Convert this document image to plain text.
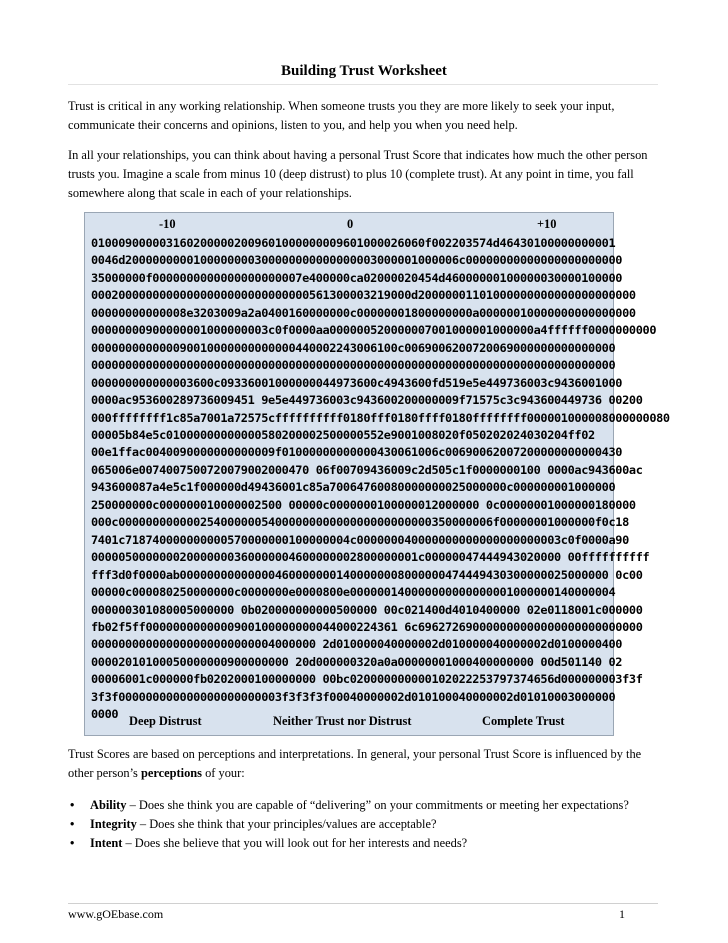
Building Trust Worksheet

Trust is critical in any working relationship. When someone trusts you they are more likely to seek your input, communicate their concerns and opinions, listen to you, and help you when you need help.

In all your relationships, you can think about having a personal Trust Score that indicates how much the other person trusts you. Imagine a scale from minus 10 (deep distrust) to plus 10 (complete trust). At any point in time, you fall somewhere along that scale in each of your relationships.

-10	0	+10
0100090000031602000002009601000000009601000026060f002203574d46430100000000001
0046d2000000000100000000300000000000000003000001000006c00000000000000000000000
35000000f0000000000000000000007e400000ca02000020454d46000000100000030000100000
00020000000000000000000000000000561300003219000d20000001101000000000000000000000
00000000000008e3203009a2a0400160000000c00000001800000000a00000010000000000000000
00000000900000001000000003c0f0000aa000000520000007001000001000000a4ffffff0000000000
000000000000090010000000000000440002243006100c0069006200720069000000000000000
00000000000000000000000000000000000000000000000000000000000000000000000000000
000000000000003600c09336001000000044973600c4943600fd519e5e449736003c9436001000
0000ac953600289736009451 9e5e449736003c943600200000009f71575c3c943600449736 00200
000ffffffff1c85a7001a72575cffffffffff0180fff0180ffff0180ffffffff000001000008000000080
00005b84e5c01000000000000580200002500000552e9001008020f050202024030204ff02
00e1ffac0040090000000000009f01000000000000430061006c00690062007200000000000430
065006e0074007500720079002000470 06f00709436009c2d505c1f0000000100 0000ac943600ac
943600087a4e5c1f000000d49436001c85a70064760080000000025000000c000000001000000
250000000c000000010000002500 00000c0000000100000012000000 0c00000001000000180000
000c0000000000002540000005400000000000000000000000350000006f00000001000000f0c18
7401c718740000000000570000000100000004c000000040000000000000000000003c0f0000a90
000005000000020000000360000004600000002800000001c00000047444943020000 00ffffffffff
fff3d0f0000ab000000000000004600000001400000008000000474449430300000025000000 0c00
00000c000080250000000c0000000e0000800e000000140000000000000001000000140000004
000000301080005000000 0b020000000000500000 00c021400d4010400000 02e0118001c000000
fb02f5ff0000000000000900100000000044000224361 6c696272690000000000000000000000000
000000000000000000000000004000000 2d010000040000002d010000040000002d0100000400
00002010100050000000900000000 20d000000320a0a00000001000400000000 00d501140 02
00006001c000000fb0202000100000000 00bc020000000000102022253797374656d000000003f3f
3f3f000000000000000000000003f3f3f3f00040000002d010100040000002d01010003000000
0000 Deep Distrust	Neither Trust nor Distrust	Complete Trust

Trust Scores are based on perceptions and interpretations. In general, your personal Trust Score is influenced by the other person’s perceptions of your:

• Ability – Does she think you are capable of “delivering” on your commitments or meeting her expectations?
• Integrity – Does she think that your principles/values are acceptable?
• Intent – Does she believe that you will look out for her interests and needs?
www.gOEbase.com	1
